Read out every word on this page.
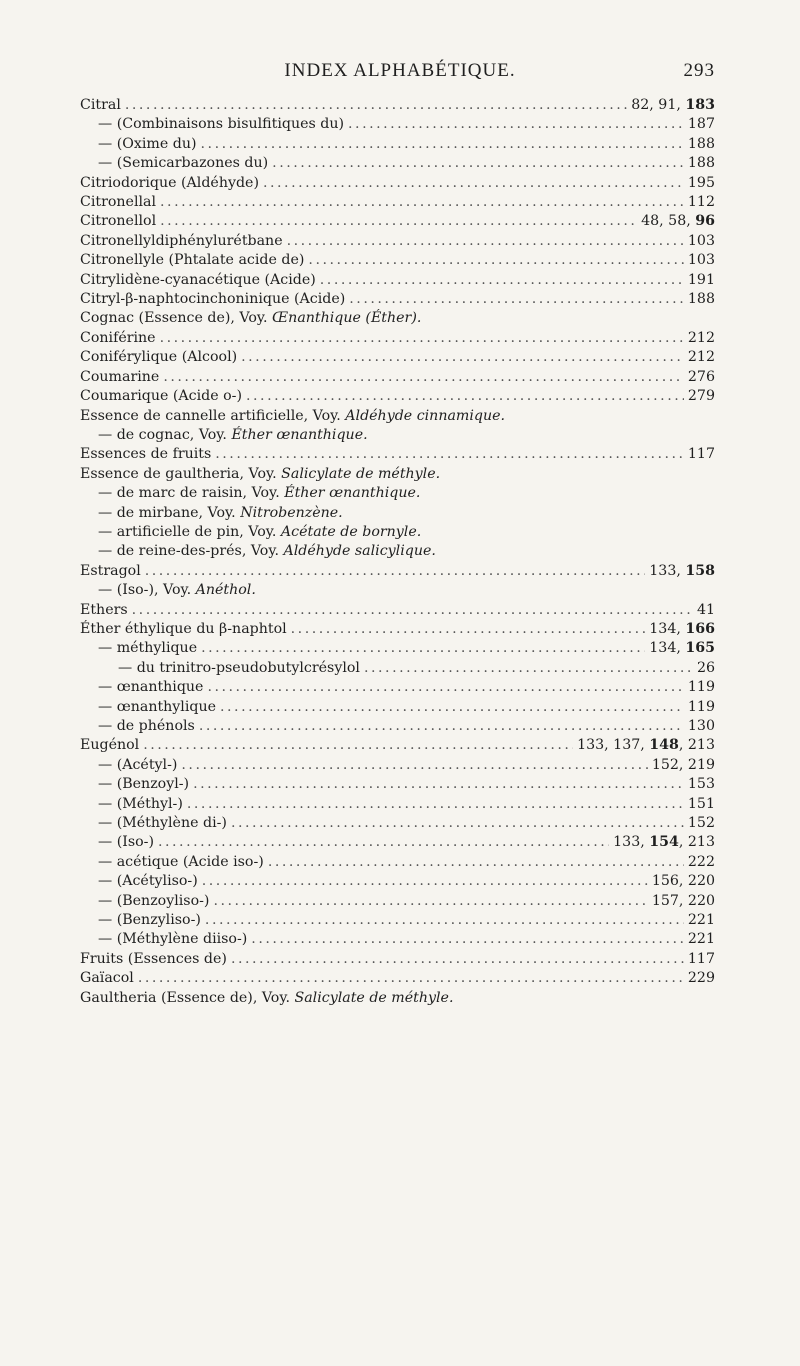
INDEX ALPHABÉTIQUE.	293
Citral . . .	82, 91, 183
— (Combinaisons bisulfitiques du) . . .	187
— (Oxime du) . . .	188
— (Semicarbazones du) . . .	188
Citriodorique (Aldéhyde) . . .	195
Citronellal . . .	112
Citronellol . . .	48, 58, 96
Citronellyldiphénylurétbane . . .	103
Citronellyle (Phtalate acide de) . . .	103
Citrylidène-cyanacétique (Acide) . . .	191
Citryl-β-naphtocinchoninique (Acide) . . .	188
Cognac (Essence de), Voy. Œnanthique (Éther).
Coniférine . . .	212
Coniférylique (Alcool) . . .	212
Coumarine . . .	276
Coumarique (Acide o-) . . .	279
Essence de cannelle artificielle, Voy. Aldéhyde cinnamique.
— de cognac, Voy. Éther œnanthique.
Essences de fruits . . .	117
Essence de gaultheria, Voy. Salicylate de méthyle.
— de marc de raisin, Voy. Éther œnanthique.
— de mirbane, Voy. Nitrobenzène.
— artificielle de pin, Voy. Acétate de bornyle.
— de reine-des-prés, Voy. Aldéhyde salicylique.
Estragol . . .	133, 158
— (Iso-), Voy. Anéthol.
Ethers . . .	41
Éther éthylique du β-naphtol . . .	134, 166
— méthylique . . .	134, 165
— du trinitro-pseudobutylcrésylol . . .	26
— œnanthique . . .	119
— œnanthylique . . .	119
— de phénols . . .	130
Eugénol . . .	133, 137, 148, 213
— (Acétyl-) . . .	152, 219
— (Benzoyl-) . . .	153
— (Méthyl-) . . .	151
— (Méthylène di-) . . .	152
— (Iso-) . . .	133, 154, 213
— acétique (Acide iso-) . . .	222
— (Acétyliso-) . . .	156, 220
— (Benzoyliso-) . . .	157, 220
— (Benzyliso-) . . .	221
— (Méthylène diiso-) . . .	221
Fruits (Essences de) . . .	117
Gaïacol . . .	229
Gaultheria (Essence de), Voy. Salicylate de méthyle.
